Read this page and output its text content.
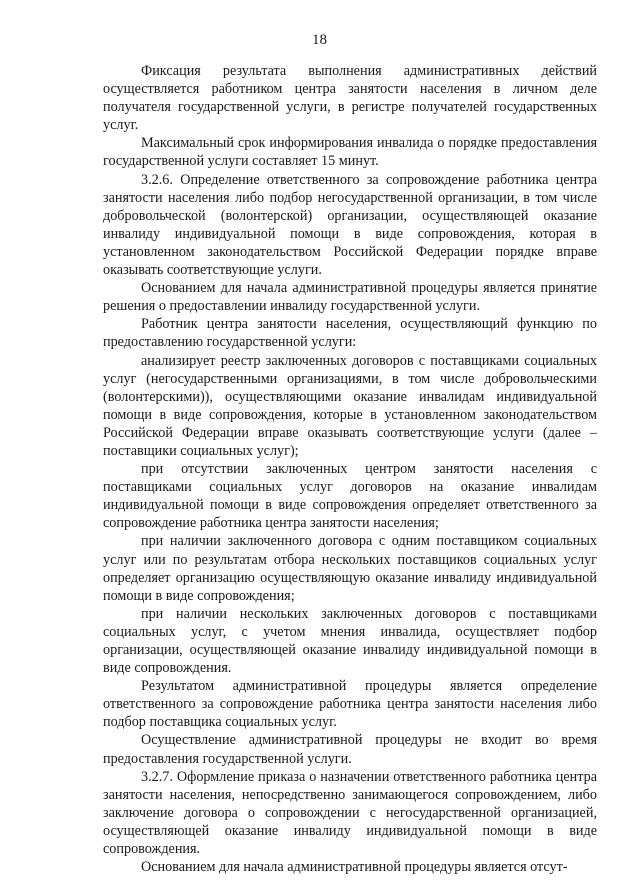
18

Фиксация результата выполнения административных действий осуществляется работником центра занятости населения в личном деле получателя государственной услуги, в регистре получателей государственных услуг.

Максимальный срок информирования инвалида о порядке предоставления государственной услуги составляет 15 минут.

3.2.6. Определение ответственного за сопровождение работника центра занятости населения либо подбор негосударственной организации, в том числе добровольческой (волонтерской) организации, осуществляющей оказание инвалиду индивидуальной помощи в виде сопровождения, которая в установленном законодательством Российской Федерации порядке вправе оказывать соответствующие услуги.

Основанием для начала административной процедуры является принятие решения о предоставлении инвалиду государственной услуги.

Работник центра занятости населения, осуществляющий функцию по предоставлению государственной услуги:

анализирует реестр заключенных договоров с поставщиками социальных услуг (негосударственными организациями, в том числе добровольческими (волонтерскими)), осуществляющими оказание инвалидам индивидуальной помощи в виде сопровождения, которые в установленном законодательством Российской Федерации вправе оказывать соответствующие услуги (далее – поставщики социальных услуг);

при отсутствии заключенных центром занятости населения с поставщиками социальных услуг договоров на оказание инвалидам индивидуальной помощи в виде сопровождения определяет ответственного за сопровождение работника центра занятости населения;

при наличии заключенного договора с одним поставщиком социальных услуг или по результатам отбора нескольких поставщиков социальных услуг определяет организацию осуществляющую оказание инвалиду индивидуальной помощи в виде сопровождения;

при наличии нескольких заключенных договоров с поставщиками социальных услуг, с учетом мнения инвалида, осуществляет подбор организации, осуществляющей оказание инвалиду индивидуальной помощи в виде сопровождения.

Результатом административной процедуры является определение ответственного за сопровождение работника центра занятости населения либо подбор поставщика социальных услуг.

Осуществление административной процедуры не входит во время предоставления государственной услуги.

3.2.7. Оформление приказа о назначении ответственного работника центра занятости населения, непосредственно занимающегося сопровождением, либо заключение договора о сопровождении с негосударственной организацией, осуществляющей оказание инвалиду индивидуальной помощи в виде сопровождения.

Основанием для начала административной процедуры является отсут-
